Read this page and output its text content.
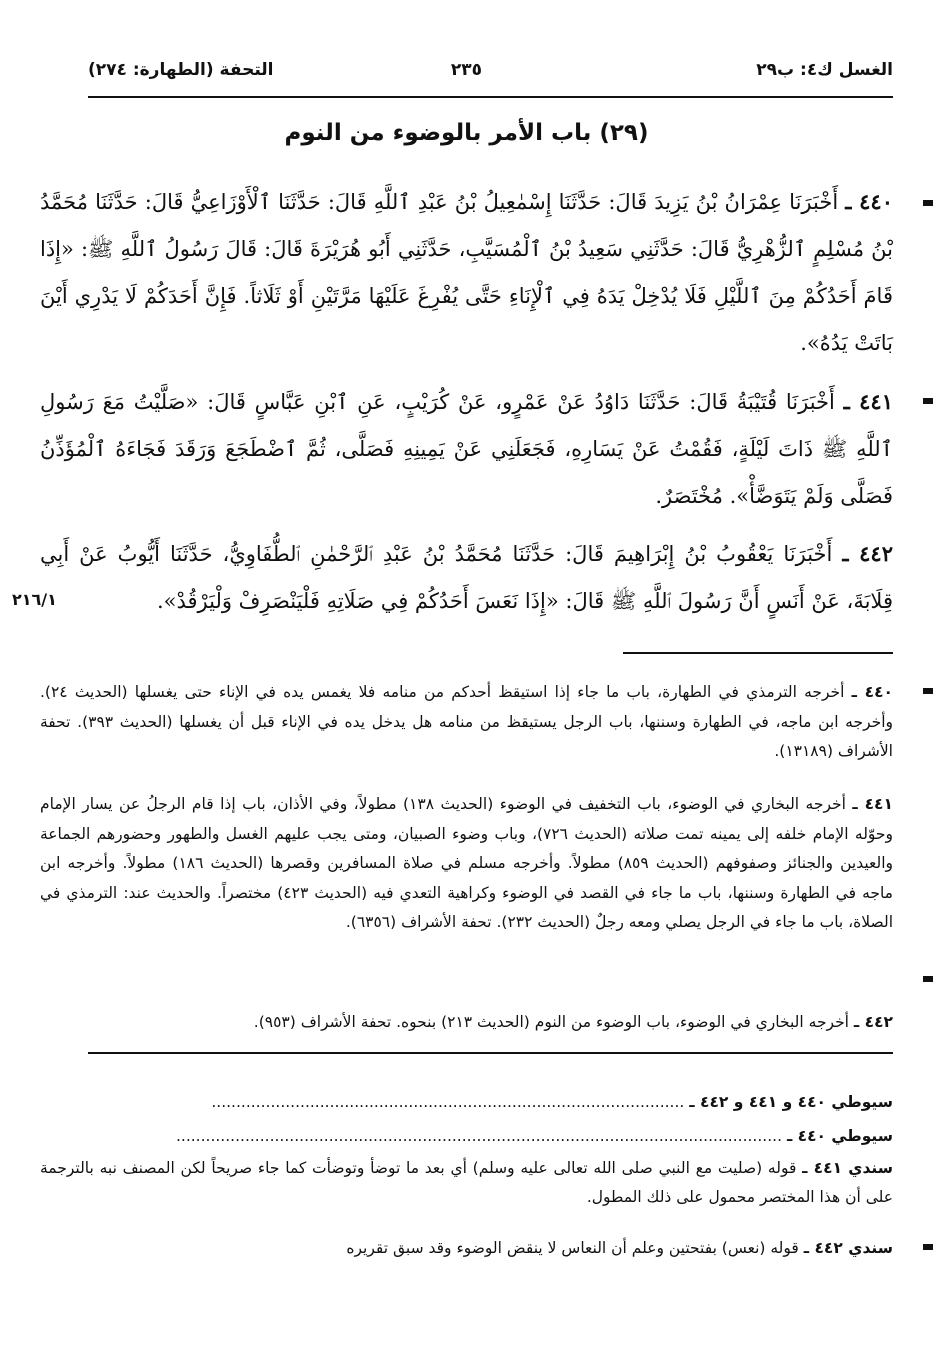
الغسل ك٤: ب٢٩
٢٣٥
التحفة (الطهارة: ٢٧٤)
(٢٩) باب الأمر بالوضوء من النوم
٤٤٠ ـ أَخْبَرَنَا عِمْرَانُ بْنُ يَزِيدَ قَالَ: حَدَّثَنَا إِسْمٰعِيلُ بْنُ عَبْدِ ٱللَّهِ قَالَ: حَدَّثَنَا ٱلْأَوْزَاعِيُّ قَالَ: حَدَّثَنَا مُحَمَّدُ بْنُ مُسْلِمٍ ٱلزُّهْرِيُّ قَالَ: حَدَّثَنِي سَعِيدُ بْنُ ٱلْمُسَيَّبِ، حَدَّثَنِي أَبُو هُرَيْرَةَ قَالَ: قَالَ رَسُولُ ٱللَّهِ ﷺ: «إِذَا قَامَ أَحَدُكُمْ مِنَ ٱللَّيْلِ فَلَا يُدْخِلْ يَدَهُ فِي ٱلْإِنَاءِ حَتَّى يُفْرِغَ عَلَيْهَا مَرَّتَيْنِ أَوْ ثَلَاثاً. فَإِنَّ أَحَدَكُمْ لَا يَدْرِي أَيْنَ بَاتَتْ يَدُهُ».
٤٤١ ـ أَخْبَرَنَا قُتَيْبَةُ قَالَ: حَدَّثَنَا دَاوُدُ عَنْ عَمْرٍو، عَنْ كُرَيْبٍ، عَنِ ٱبْنِ عَبَّاسٍ قَالَ: «صَلَّيْتُ مَعَ رَسُولِ ٱللَّهِ ﷺ ذَاتَ لَيْلَةٍ، فَقُمْتُ عَنْ يَسَارِهِ، فَجَعَلَنِي عَنْ يَمِينِهِ فَصَلَّى، ثُمَّ ٱضْطَجَعَ وَرَقَدَ فَجَاءَهُ ٱلْمُؤَذِّنُ فَصَلَّى وَلَمْ يَتَوَضَّأْ». مُخْتَصَرٌ.
٤٤٢ ـ أَخْبَرَنَا يَعْقُوبُ بْنُ إِبْرَاهِيمَ قَالَ: حَدَّثَنَا مُحَمَّدُ بْنُ عَبْدِ ٱلرَّحْمٰنِ ٱلطُّفَاوِيُّ، حَدَّثَنَا أَيُّوبُ عَنْ أَبِي قِلَابَةَ، عَنْ أَنَسٍ أَنَّ رَسُولَ ٱللَّهِ ﷺ قَالَ: «إِذَا نَعَسَ أَحَدُكُمْ فِي صَلَاتِهِ فَلْيَنْصَرِفْ وَلْيَرْقُدْ».
٢١٦/١
٤٤٠ ـ أخرجه الترمذي في الطهارة، باب ما جاء إذا استيقظ أحدكم من منامه فلا يغمس يده في الإناء حتى يغسلها (الحديث ٢٤). وأخرجه ابن ماجه، في الطهارة وسننها، باب الرجل يستيقظ من منامه هل يدخل يده في الإناء قبل أن يغسلها (الحديث ٣٩٣). تحفة الأشراف (١٣١٨٩).
٤٤١ ـ أخرجه البخاري في الوضوء، باب التخفيف في الوضوء (الحديث ١٣٨) مطولاً، وفي الأذان، باب إذا قام الرجلُ عن يسار الإمام وحوّله الإمام خلفه إلى يمينه تمت صلاته (الحديث ٧٢٦)، وباب وضوء الصبيان، ومتى يجب عليهم الغسل والطهور وحضورهم الجماعة والعيدين والجنائز وصفوفهم (الحديث ٨٥٩) مطولاً. وأخرجه مسلم في صلاة المسافرين وقصرها (الحديث ١٨٦) مطولاً. وأخرجه ابن ماجه في الطهارة وسننها، باب ما جاء في القصد في الوضوء وكراهية التعدي فيه (الحديث ٤٢٣) مختصراً. والحديث عند: الترمذي في الصلاة، باب ما جاء في الرجل يصلي ومعه رجلٌ (الحديث ٢٣٢). تحفة الأشراف (٦٣٥٦).
٤٤٢ ـ أخرجه البخاري في الوضوء، باب الوضوء من النوم (الحديث ٢١٣) بنحوه. تحفة الأشراف (٩٥٣).
سيوطي ٤٤٠ و ٤٤١ و ٤٤٢ ـ ................................................................................................
سيوطي ٤٤٠ ـ ...........................................................................................................................
سندي ٤٤١ ـ قوله (صليت مع النبي صلى الله تعالى عليه وسلم) أي بعد ما توضأ وتوضأت كما جاء صريحاً لكن المصنف نبه بالترجمة على أن هذا المختصر محمول على ذلك المطول.
سندي ٤٤٢ ـ قوله (نعس) بفتحتين وعلم أن النعاس لا ينقض الوضوء وقد سبق تقريره
